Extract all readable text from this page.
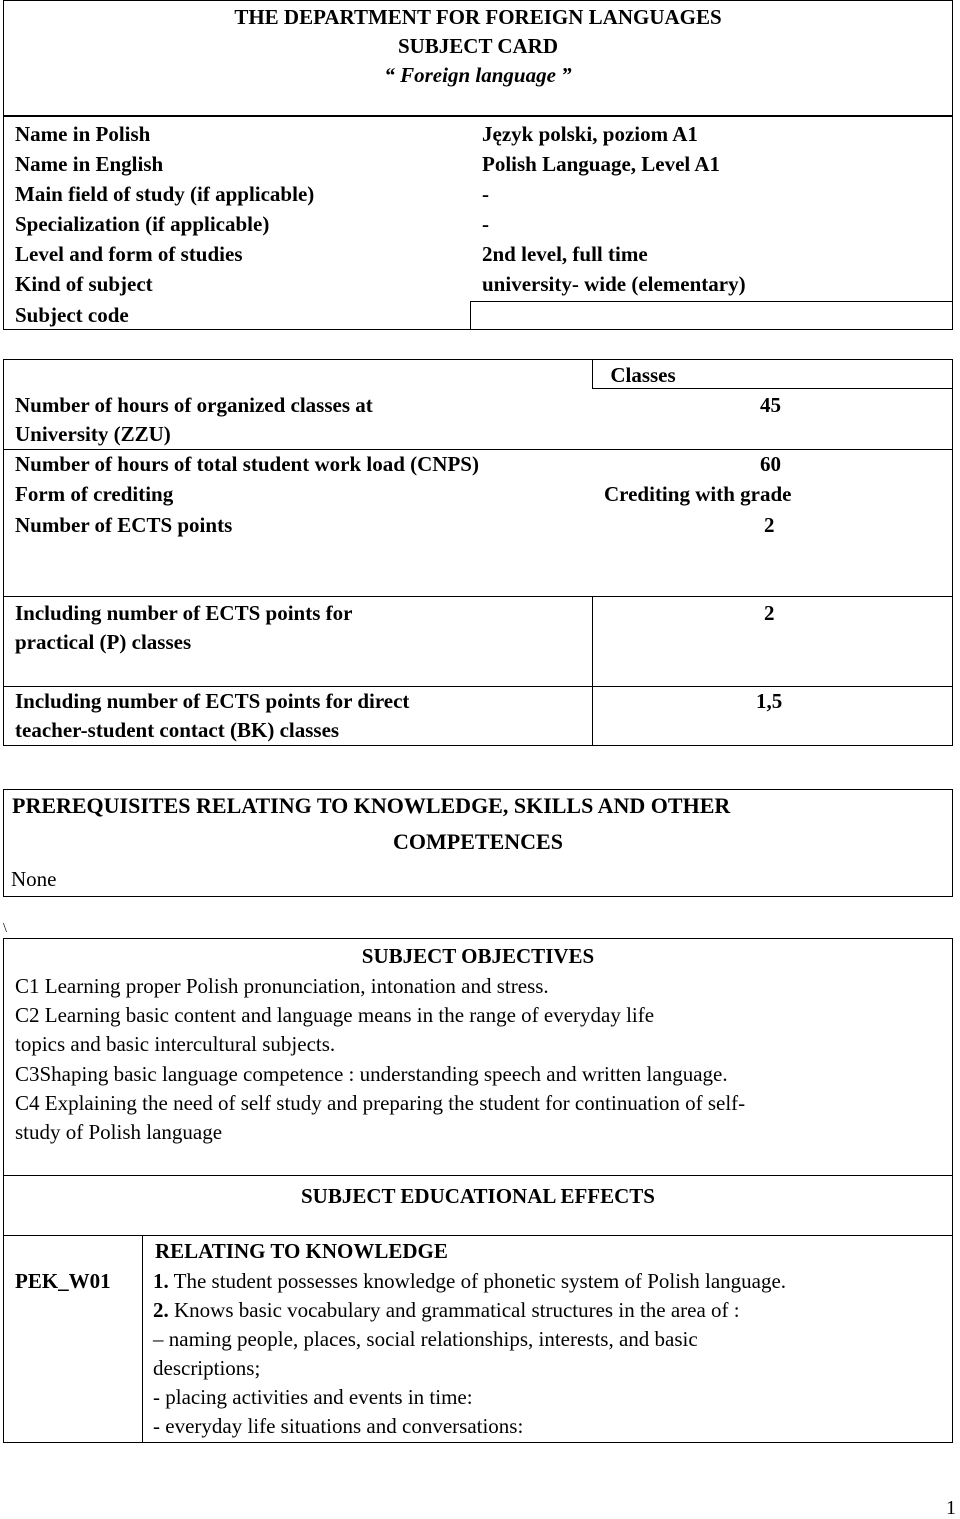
THE DEPARTMENT FOR FOREIGN LANGUAGES
SUBJECT CARD
“ Foreign language ”
Name in Polish	Język polski, poziom A1
Name in English	Polish Language, Level A1
Main field of study (if applicable)	-
Specialization (if applicable)	-
Level and form of studies	2nd level, full time
Kind of subject	university- wide (elementary)
Subject code
Classes
Number of hours of organized classes at
University (ZZU)
45
Number of hours of total student work load (CNPS)	60
Form of crediting	Crediting with grade
Number of ECTS points	2
Including number of ECTS points for
practical (P) classes
2
Including number of ECTS points for direct
teacher-student contact (BK) classes
1,5
PREREQUISITES RELATING TO KNOWLEDGE, SKILLS AND OTHER
COMPETENCES
None
\
SUBJECT OBJECTIVES
C1 Learning proper Polish pronunciation, intonation and stress.
C2 Learning basic content and language means in the range of everyday life
topics and basic intercultural subjects.
C3Shaping basic language competence : understanding speech and written language.
C4 Explaining the need of self study and preparing the student for continuation of self-
study of Polish language
SUBJECT EDUCATIONAL EFFECTS
RELATING TO KNOWLEDGE
PEK_W01 1. The student possesses knowledge of phonetic system of Polish language.
2. Knows basic vocabulary and grammatical structures in the area of :
– naming people, places, social relationships, interests, and basic
descriptions;
- placing activities and events in time:
- everyday life situations and conversations:
1
